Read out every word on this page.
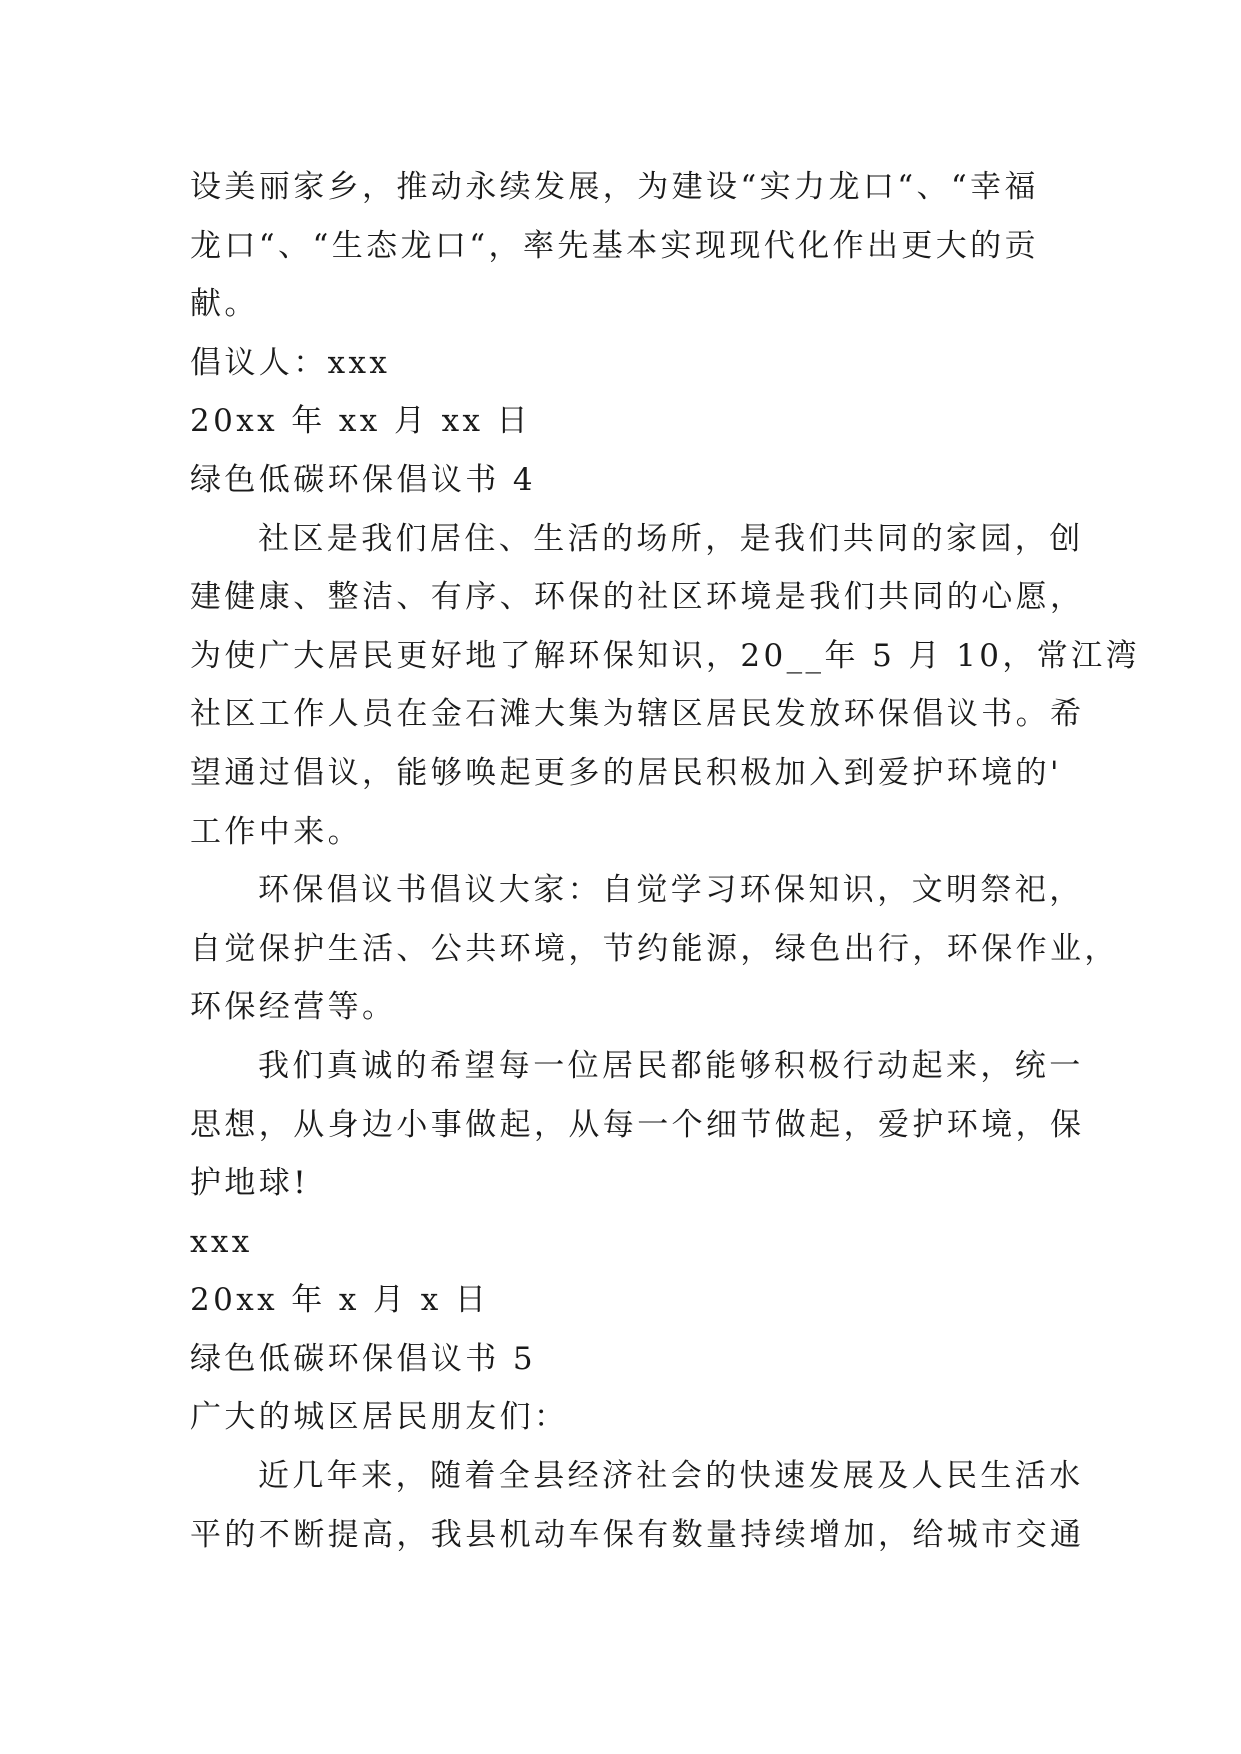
设美丽家乡，推动永续发展，为建设“实力龙口“、“幸福
龙口“、“生态龙口“，率先基本实现现代化作出更大的贡
献。
倡议人：xxx
20xx 年 xx 月 xx 日
绿色低碳环保倡议书 4
社区是我们居住、生活的场所，是我们共同的家园，创
建健康、整洁、有序、环保的社区环境是我们共同的心愿，
为使广大居民更好地了解环保知识，20__年 5 月 10，常江湾
社区工作人员在金石滩大集为辖区居民发放环保倡议书。希
望通过倡议，能够唤起更多的居民积极加入到爱护环境的'
工作中来。
环保倡议书倡议大家：自觉学习环保知识，文明祭祀，
自觉保护生活、公共环境，节约能源，绿色出行，环保作业，
环保经营等。
我们真诚的希望每一位居民都能够积极行动起来，统一
思想，从身边小事做起，从每一个细节做起，爱护环境，保
护地球!
xxx
20xx 年 x 月 x 日
绿色低碳环保倡议书 5
广大的城区居民朋友们：
近几年来，随着全县经济社会的快速发展及人民生活水
平的不断提高，我县机动车保有数量持续增加，给城市交通
